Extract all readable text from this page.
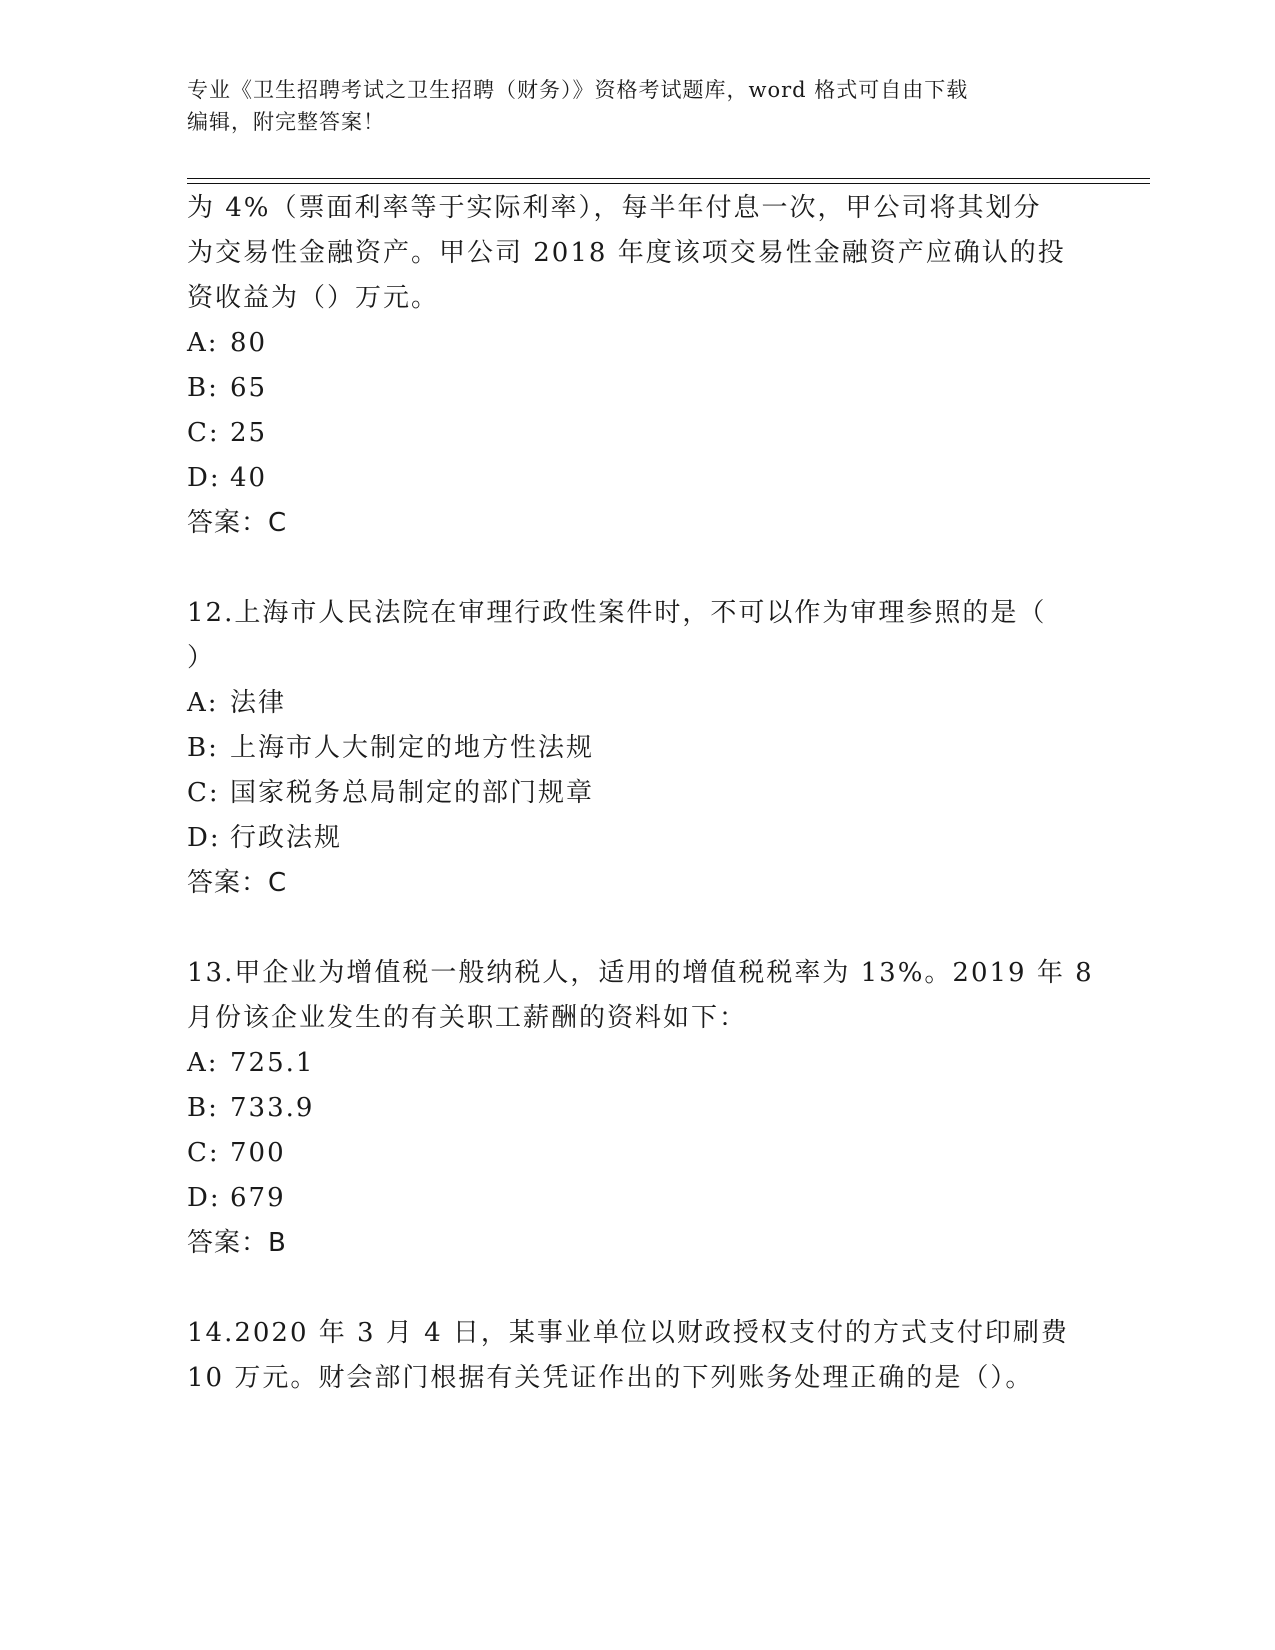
专业《卫生招聘考试之卫生招聘（财务）》资格考试题库，word 格式可自由下载
编辑，附完整答案！
为 4%（票面利率等于实际利率），每半年付息一次，甲公司将其划分
为交易性金融资产。甲公司 2018 年度该项交易性金融资产应确认的投
资收益为（）万元。
A: 80
B: 65
C: 25
D: 40
答案：C
12.上海市人民法院在审理行政性案件时，不可以作为审理参照的是（
）
A: 法律
B: 上海市人大制定的地方性法规
C: 国家税务总局制定的部门规章
D: 行政法规
答案：C
13.甲企业为增值税一般纳税人，适用的增值税税率为 13%。2019 年 8
月份该企业发生的有关职工薪酬的资料如下：
A: 725.1
B: 733.9
C: 700
D: 679
答案：B
14.2020 年 3 月 4 日，某事业单位以财政授权支付的方式支付印刷费
10 万元。财会部门根据有关凭证作出的下列账务处理正确的是（）。
